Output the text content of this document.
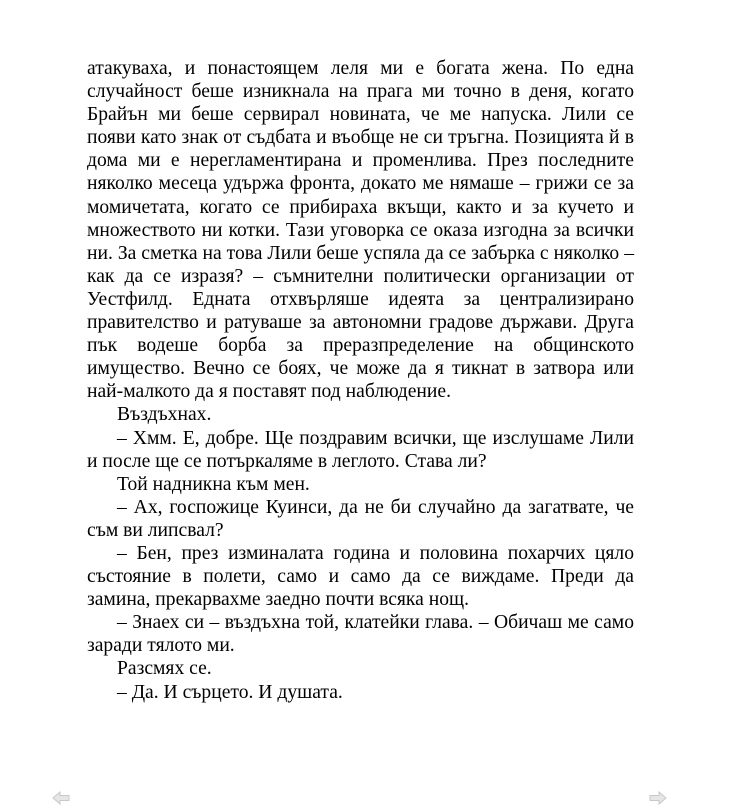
атакуваха, и понастоящем леля ми е богата жена. По една случайност беше изникнала на прага ми точно в деня, когато Брайън ми беше сервирал новината, че ме напуска. Лили се появи като знак от съдбата и въобще не си тръгна. Позицията й в дома ми е нерегламентирана и променлива. През последните няколко месеца удържа фронта, докато ме нямаше – грижи се за момичетата, когато се прибираха вкъщи, както и за кучето и множеството ни котки. Тази уговорка се оказа изгодна за всички ни. За сметка на това Лили беше успяла да се забърка с няколко – как да се изразя? – съмнителни политически организации от Уестфилд. Едната отхвърляше идеята за централизирано правителство и ратуваше за автономни градове държави. Друга пък водеше борба за преразпределение на общинското имущество. Вечно се боях, че може да я тикнат в затвора или най-малкото да я поставят под наблюдение.

Въздъхнах.

– Хмм. Е, добре. Ще поздравим всички, ще изслушаме Лили и после ще се потъркаляме в леглото. Става ли?

Той надникна към мен.

– Ах, госпожице Куинси, да не би случайно да загатвате, че съм ви липсвал?

– Бен, през изминалата година и половина похарчих цяло състояние в полети, само и само да се виждаме. Преди да замина, прекарвахме заедно почти всяка нощ.

– Знаех си – въздъхна той, клатейки глава. – Обичаш ме само заради тялото ми.

Разсмях се.

– Да. И сърцето. И душата.
